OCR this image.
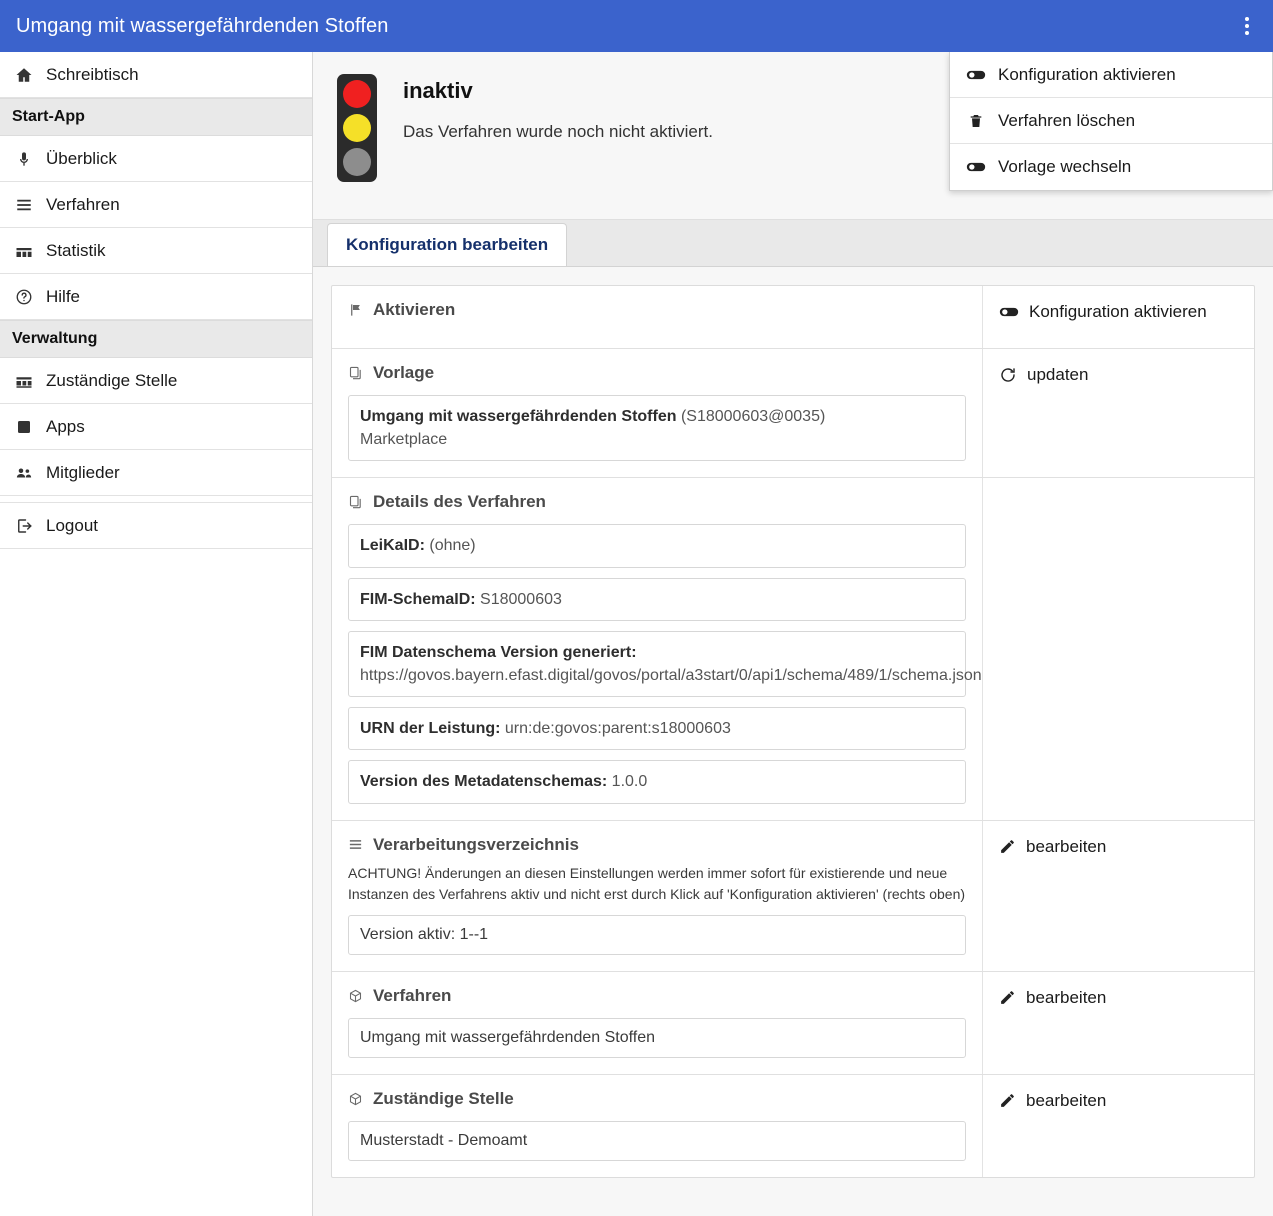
Umgang mit wassergefährdenden Stoffen
Schreibtisch
Start-App
Überblick
Verfahren
Statistik
Hilfe
Verwaltung
Zuständige Stelle
Apps
Mitglieder
Logout
inaktiv
Das Verfahren wurde noch nicht aktiviert.
Konfiguration aktivieren
Verfahren löschen
Vorlage wechseln
Konfiguration bearbeiten
Aktivieren	Konfiguration aktivieren
Vorlage
Umgang mit wassergefährdenden Stoffen (S18000603@0035)
Marketplace
updaten
Details des Verfahren
LeiKaID: (ohne)
FIM-SchemaID: S18000603
FIM Datenschema Version generiert: https://govos.bayern.efast.digital/govos/portal/a3start/0/api1/schema/489/1/schema.json
URN der Leistung: urn:de:govos:parent:s18000603
Version des Metadatenschemas: 1.0.0
Verarbeitungsverzeichnis
ACHTUNG! Änderungen an diesen Einstellungen werden immer sofort für existierende und neue Instanzen des Verfahrens aktiv und nicht erst durch Klick auf 'Konfiguration aktivieren' (rechts oben)
Version aktiv: 1--1
bearbeiten
Verfahren
Umgang mit wassergefährdenden Stoffen
bearbeiten
Zuständige Stelle
Musterstadt - Demoamt
bearbeiten
